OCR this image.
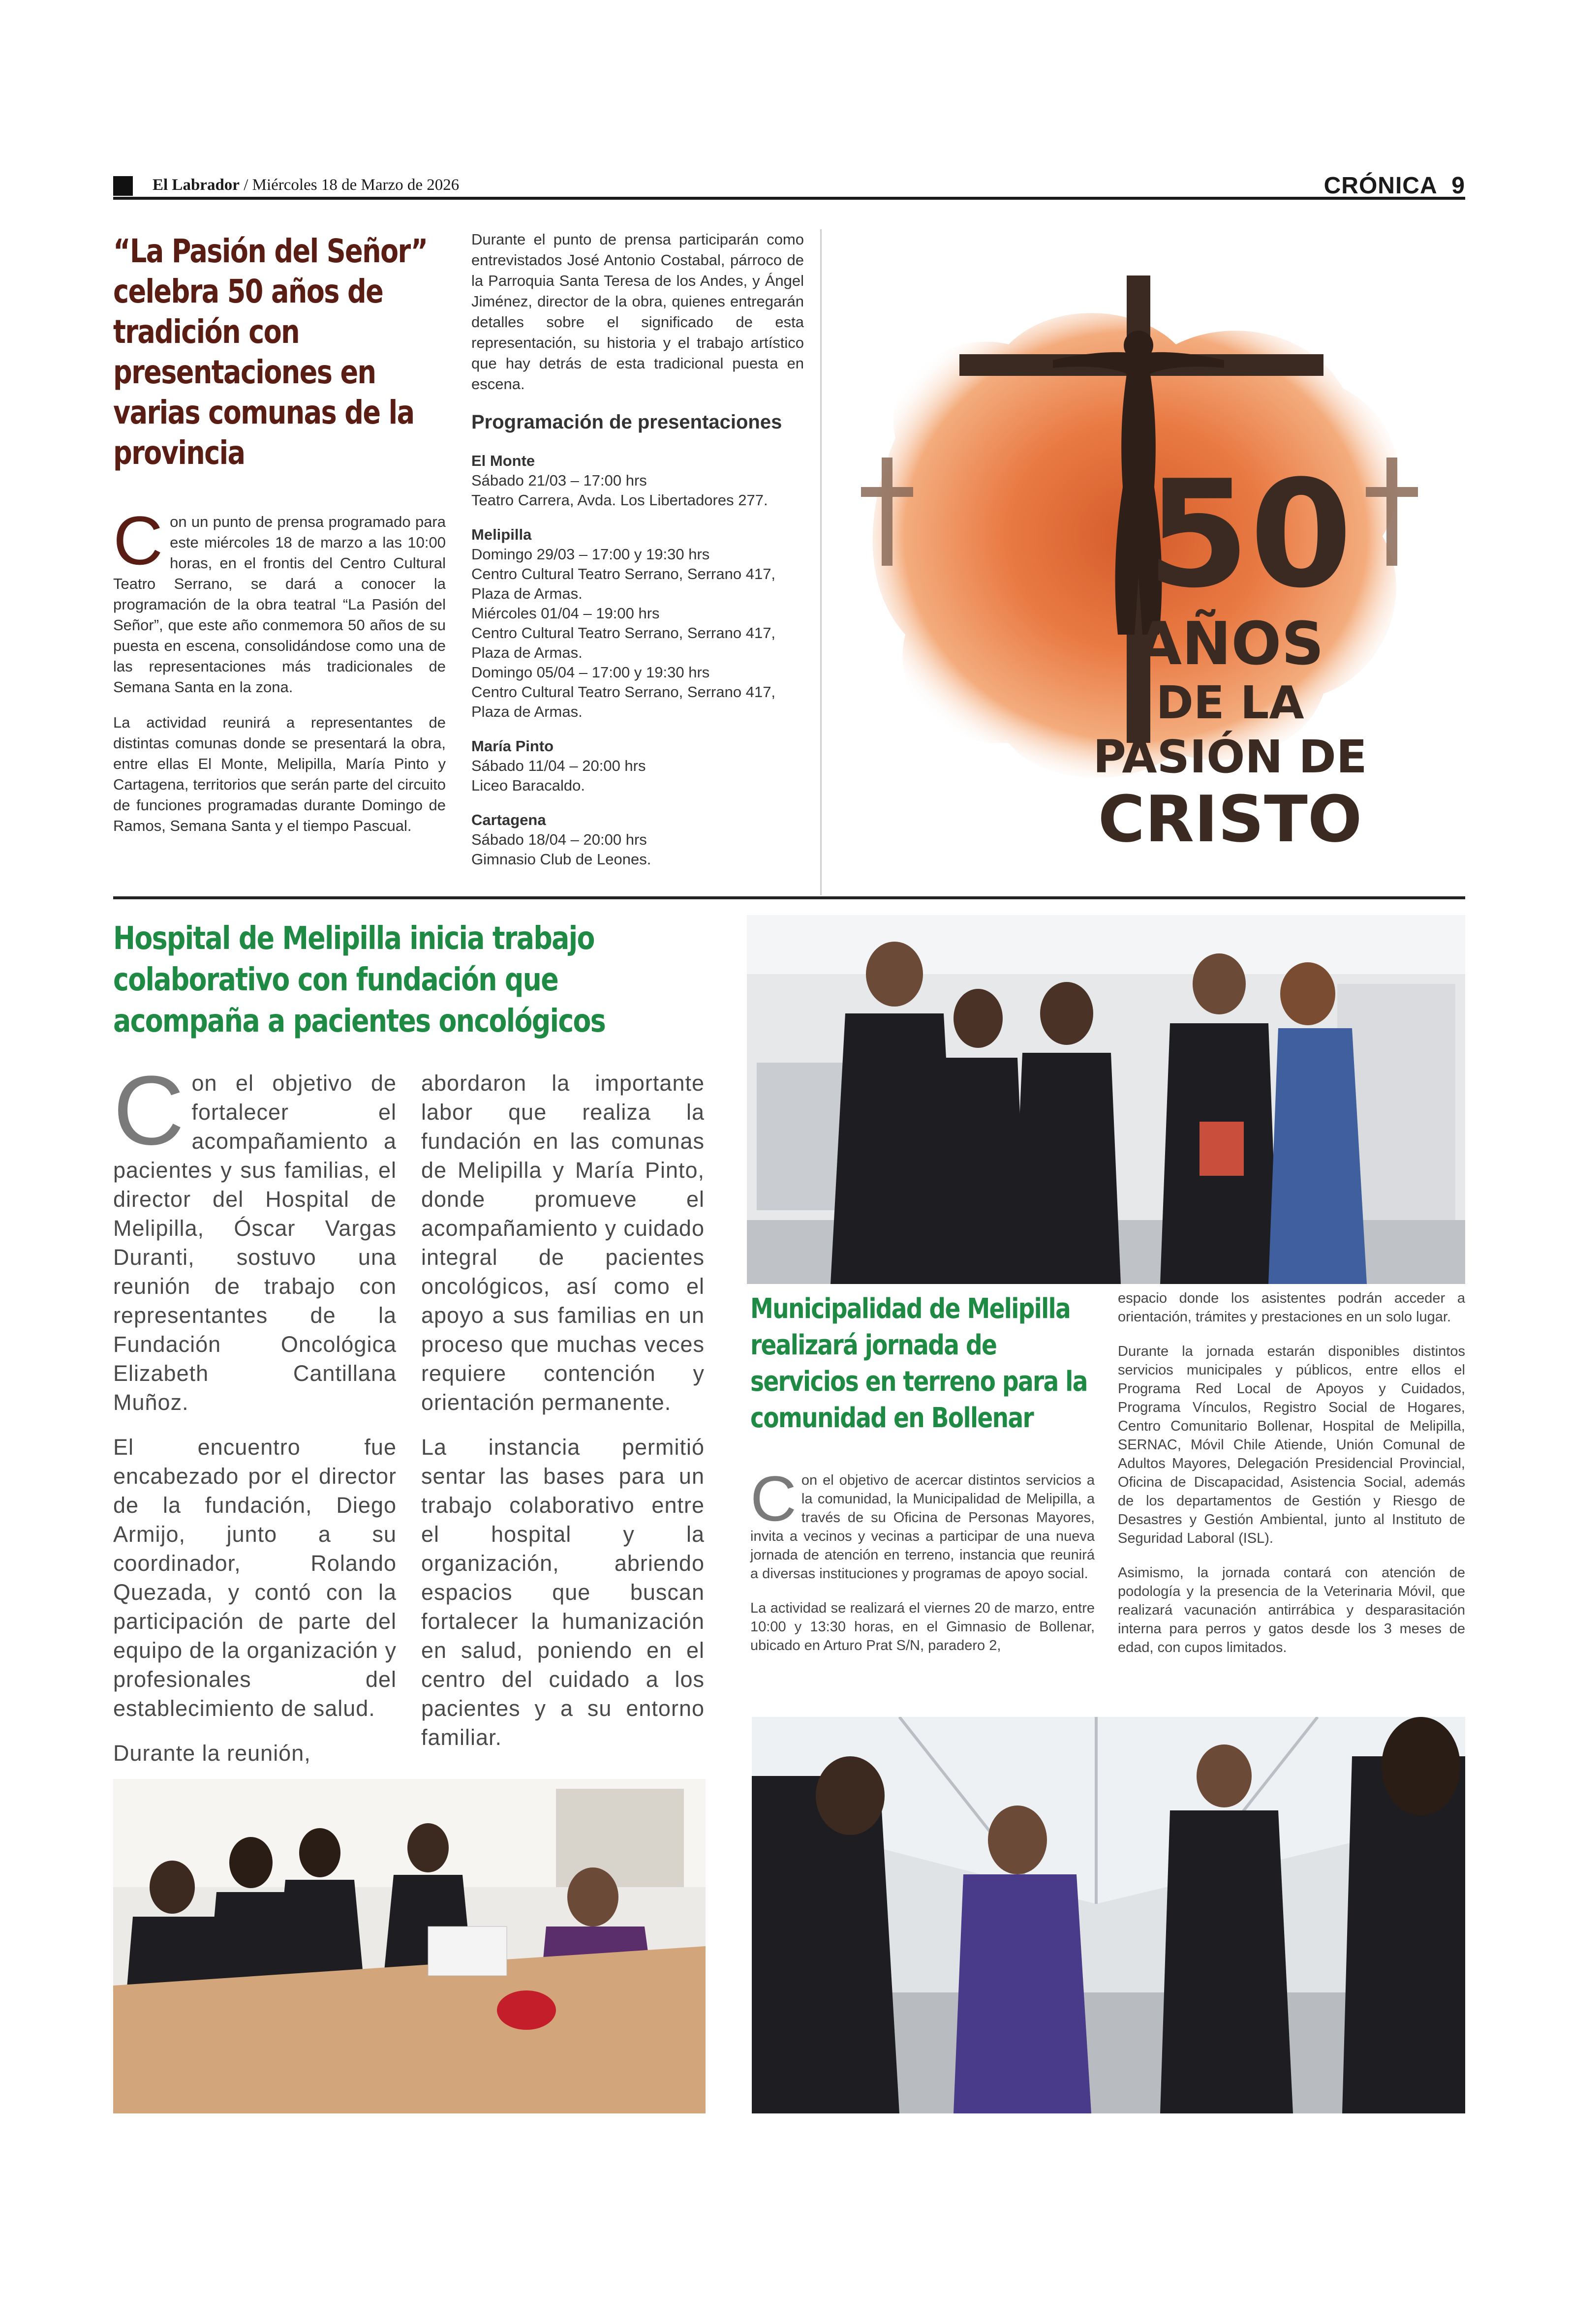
El Labrador / Miércoles 18 de Marzo de 2026	CRÓNICA 9
“La Pasión del Señor” celebra 50 años de tradición con presentaciones en varias comunas de la provincia

Con un punto de prensa programado para este miércoles 18 de marzo a las 10:00 horas, en el frontis del Centro Cultural Teatro Serrano, se dará a conocer la programación de la obra teatral “La Pasión del Señor”, que este año conmemora 50 años de su puesta en escena, consolidándose como una de las representaciones más tradicionales de Semana Santa en la zona.

La actividad reunirá a representantes de distintas comunas donde se presentará la obra, entre ellas El Monte, Melipilla, María Pinto y Cartagena, territorios que serán parte del circuito de funciones programadas durante Domingo de Ramos, Semana Santa y el tiempo Pascual.

Durante el punto de prensa participarán como entrevistados José Antonio Costabal, párroco de la Parroquia Santa Teresa de los Andes, y Ángel Jiménez, director de la obra, quienes entregarán detalles sobre el significado de esta representación, su historia y el trabajo artístico que hay detrás de esta tradicional puesta en escena.

Programación de presentaciones
El Monte
Sábado 21/03 – 17:00 hrs
Teatro Carrera, Avda. Los Libertadores 277.
Melipilla
Domingo 29/03 – 17:00 y 19:30 hrs
Centro Cultural Teatro Serrano, Serrano 417, Plaza de Armas.
Miércoles 01/04 – 19:00 hrs
Centro Cultural Teatro Serrano, Serrano 417, Plaza de Armas.
Domingo 05/04 – 17:00 y 19:30 hrs
Centro Cultural Teatro Serrano, Serrano 417, Plaza de Armas.
María Pinto
Sábado 11/04 – 20:00 hrs
Liceo Baracaldo.
Cartagena
Sábado 18/04 – 20:00 hrs
Gimnasio Club de Leones.
50
AÑOS
DE LA
PASIÓN DE
CRISTO
Hospital de Melipilla inicia trabajo colaborativo con fundación que acompaña a pacientes oncológicos

Con el objetivo de fortalecer el acompañamiento a pacientes y sus familias, el director del Hospital de Melipilla, Óscar Vargas Duranti, sostuvo una reunión de trabajo con representantes de la Fundación Oncológica Elizabeth Cantillana Muñoz.

El encuentro fue encabezado por el director de la fundación, Diego Armijo, junto a su coordinador, Rolando Quezada, y contó con la participación de parte del equipo de la organización y profesionales del establecimiento de salud.

Durante la reunión,

abordaron la importante labor que realiza la fundación en las comunas de Melipilla y María Pinto, donde promueve el acompañamiento y cuidado integral de pacientes oncológicos, así como el apoyo a sus familias en un proceso que muchas veces requiere contención y orientación permanente.

La instancia permitió sentar las bases para un trabajo colaborativo entre el hospital y la organización, abriendo espacios que buscan fortalecer la humanización en salud, poniendo en el centro del cuidado a los pacientes y a su entorno familiar.

Municipalidad de Melipilla realizará jornada de servicios en terreno para la comunidad en Bollenar

Con el objetivo de acercar distintos servicios a la comunidad, la Municipalidad de Melipilla, a través de su Oficina de Personas Mayores, invita a vecinos y vecinas a participar de una nueva jornada de atención en terreno, instancia que reunirá a diversas instituciones y programas de apoyo social.

La actividad se realizará el viernes 20 de marzo, entre 10:00 y 13:30 horas, en el Gimnasio de Bollenar, ubicado en Arturo Prat S/N, paradero 2,

espacio donde los asistentes podrán acceder a orientación, trámites y prestaciones en un solo lugar.

Durante la jornada estarán disponibles distintos servicios municipales y públicos, entre ellos el Programa Red Local de Apoyos y Cuidados, Programa Vínculos, Registro Social de Hogares, Centro Comunitario Bollenar, Hospital de Melipilla, SERNAC, Móvil Chile Atiende, Unión Comunal de Adultos Mayores, Delegación Presidencial Provincial, Oficina de Discapacidad, Asistencia Social, además de los departamentos de Gestión y Riesgo de Desastres y Gestión Ambiental, junto al Instituto de Seguridad Laboral (ISL).

Asimismo, la jornada contará con atención de podología y la presencia de la Veterinaria Móvil, que realizará vacunación antirrábica y desparasitación interna para perros y gatos desde los 3 meses de edad, con cupos limitados.
